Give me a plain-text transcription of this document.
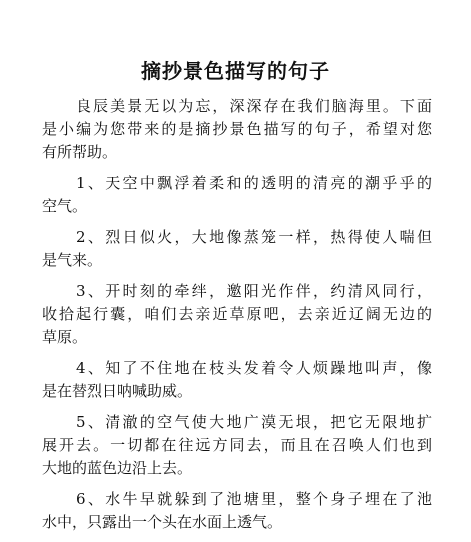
摘抄景色描写的句子
良辰美景无以为忘，深深存在我们脑海里。下面
是小编为您带来的是摘抄景色描写的句子，希望对您
有所帮助。
1、天空中飘浮着柔和的透明的清亮的潮乎乎的
空气。
2、烈日似火，大地像蒸笼一样，热得使人喘但
是气来。
3、开时刻的牵绊，邀阳光作伴，约清风同行，
收拾起行囊，咱们去亲近草原吧，去亲近辽阔无边的
草原。
4、知了不住地在枝头发着令人烦躁地叫声，像
是在替烈日呐喊助威。
5、清澈的空气使大地广漠无垠，把它无限地扩
展开去。一切都在往远方同去，而且在召唤人们也到
大地的蓝色边沿上去。
6、水牛早就躲到了池塘里，整个身子埋在了池
水中，只露出一个头在水面上透气。
